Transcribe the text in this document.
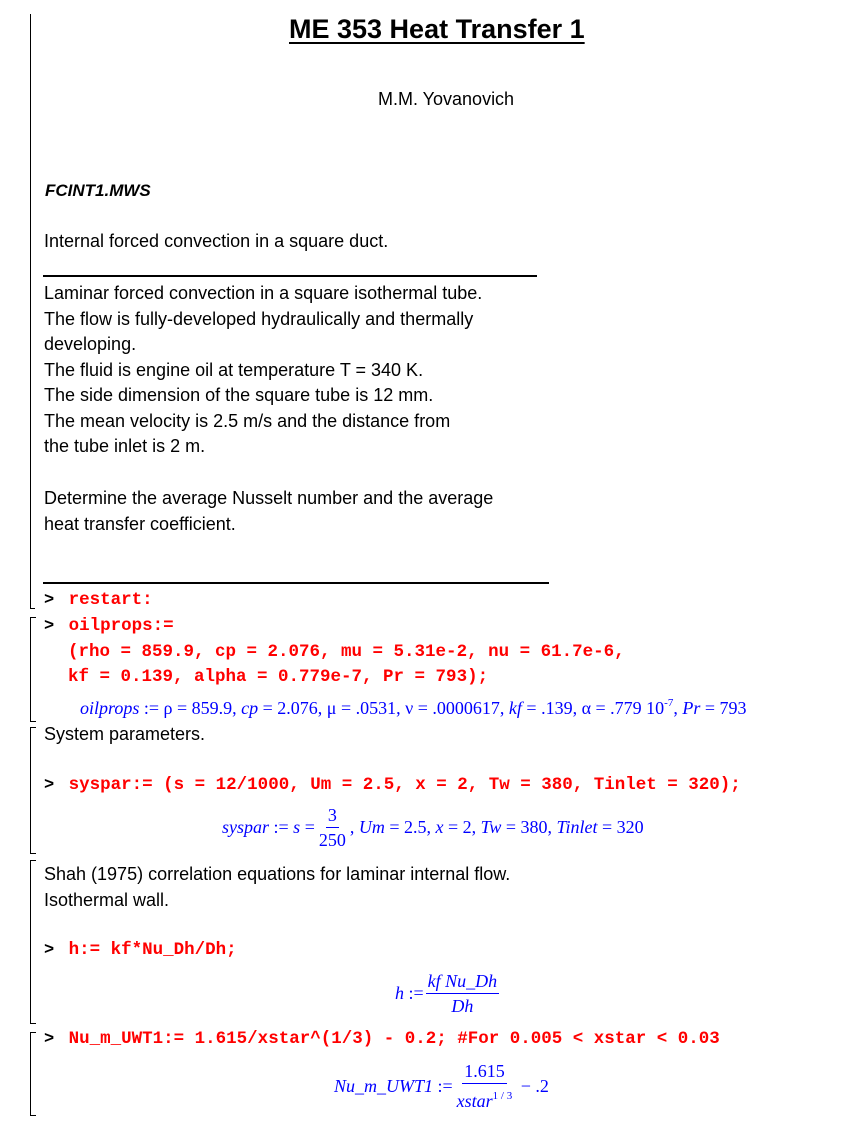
ME 353 Heat Transfer 1
M.M. Yovanovich
FCINT1.MWS
Internal forced convection in a square duct.
Laminar forced convection in a square isothermal tube.
The flow is fully-developed hydraulically and thermally
developing.
The fluid is engine oil at temperature T = 340 K.
The side dimension of the square tube is 12 mm.
The mean velocity is 2.5 m/s and the distance from
the tube inlet is 2 m.
Determine the average Nusselt number and the average
heat transfer coefficient.
> restart:
> oilprops:=
(rho = 859.9, cp = 2.076, mu = 5.31e-2, nu = 61.7e-6,
kf = 0.139, alpha = 0.779e-7, Pr = 793);
oilprops := ρ = 859.9, cp = 2.076, μ = .0531, ν = .0000617, kf = .139, α = .779 $10^{-7}$, Pr = 793
System parameters.
> syspar:= (s = 12/1000, Um = 2.5, x = 2, Tw = 380, Tinlet = 320);
syspar
:=
$s = \frac{3}{250}$ , Um = 2.5 , x = 2 , Tw = 380 , Tinlet = 320
Shah (1975) correlation equations for laminar internal flow.
Isothermal wall.
> h:= kf*Nu_Dh/Dh;
h
:= $\frac{\text{kf Nu\_Dh}}{Dh}$
> Nu_m_UWT1:= 1.615/xstar^(1/3) - 0.2; #For 0.005 < xstar < 0.03
Nu_m_UWT1
:= $\frac{1.615}{xstar^{1 / 3}}$
− .2
